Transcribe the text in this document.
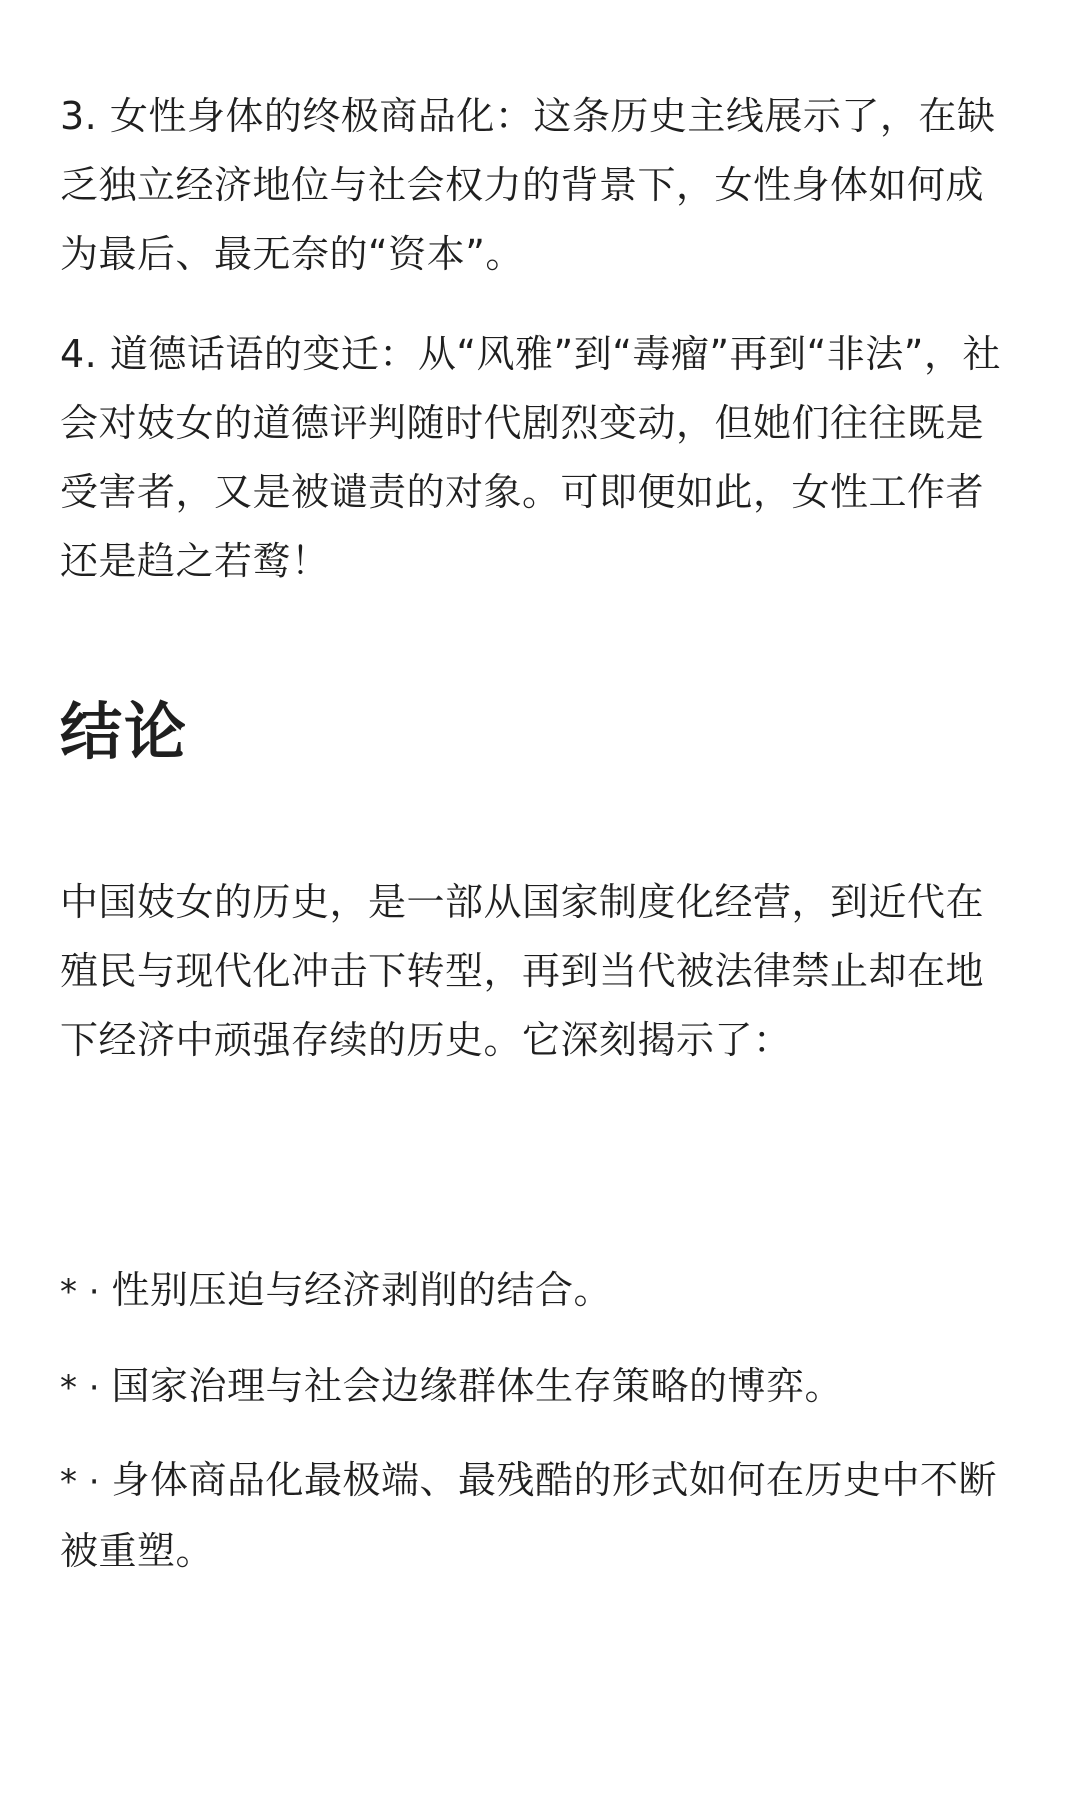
3. 女性身体的终极商品化：这条历史主线展示了，在缺乏独立经济地位与社会权力的背景下，女性身体如何成为最后、最无奈的“资本”。

4. 道德话语的变迁：从“风雅”到“毒瘤”再到“非法”，社会对妓女的道德评判随时代剧烈变动，但她们往往既是受害者，又是被谴责的对象。可即便如此，女性工作者还是趋之若鹜！

结论

中国妓女的历史，是一部从国家制度化经营，到近代在殖民与现代化冲击下转型，再到当代被法律禁止却在地下经济中顽强存续的历史。它深刻揭示了：

* · 性别压迫与经济剥削的结合。

* · 国家治理与社会边缘群体生存策略的博弈。

* · 身体商品化最极端、最残酷的形式如何在历史中不断被重塑。
